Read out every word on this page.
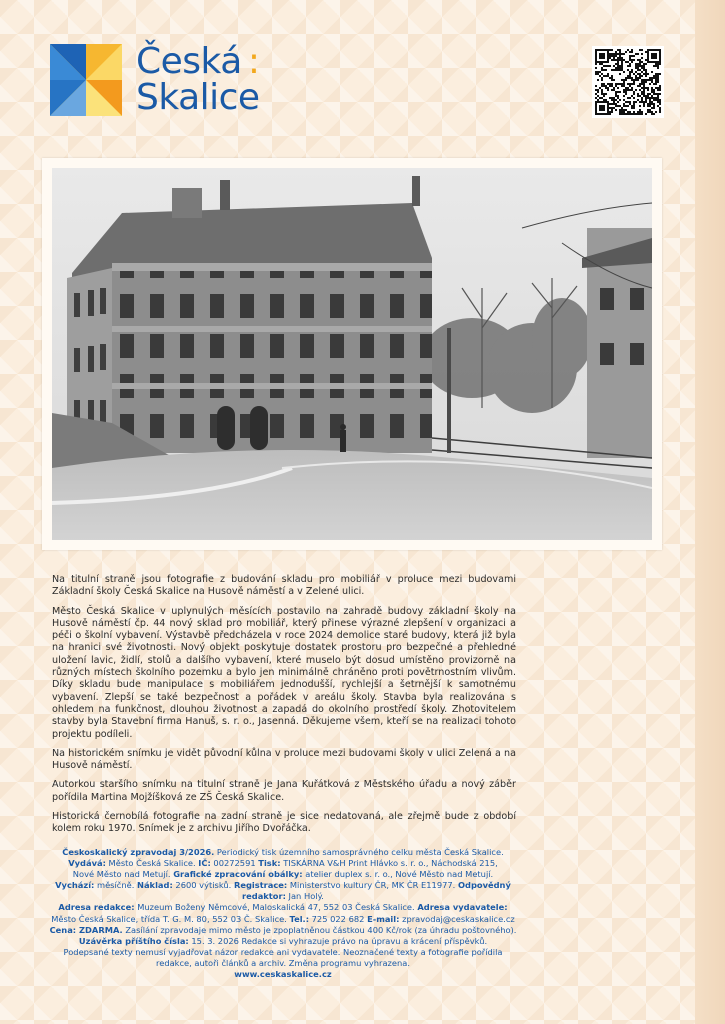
Česká :
Skalice

Na titulní straně jsou fotografie z budování skladu pro mobiliář v proluce mezi budovami Základní školy Česká Skalice na Husově náměstí a v Zelené ulici.

Město Česká Skalice v uplynulých měsících postavilo na zahradě budovy základní školy na Husově náměstí čp. 44 nový sklad pro mobiliář, který přinese výrazné zlepšení v organizaci a péči o školní vybavení. Výstavbě předcházela v roce 2024 demolice staré budovy, která již byla na hranici své životnosti. Nový objekt poskytuje dostatek prostoru pro bezpečné a přehledné uložení lavic, židlí, stolů a dalšího vybavení, které muselo být dosud umístěno provizorně na různých místech školního pozemku a bylo jen minimálně chráněno proti povětrnostním vlivům. Díky skladu bude manipulace s mobiliářem jednodušší, rychlejší a šetrnější k samotnému vybavení. Zlepší se také bezpečnost a pořádek v areálu školy. Stavba byla realizována s ohledem na funkčnost, dlouhou životnost a zapadá do okolního prostředí školy. Zhotovitelem stavby byla Stavební firma Hanuš, s. r. o., Jasenná. Děkujeme všem, kteří se na realizaci tohoto projektu podíleli.

Na historickém snímku je vidět původní kůlna v proluce mezi budovami školy v ulici Zelená a na Husově náměstí.

Autorkou staršího snímku na titulní straně je Jana Kuřátková z Městského úřadu a nový záběr pořídila Martina Mojžíšková ze ZŠ Česká Skalice.

Historická černobílá fotografie na zadní straně je sice nedatovaná, ale zřejmě bude z období kolem roku 1970. Snímek je z archivu Jiřího Dvořáčka.

Českoskalický zpravodaj 3/2026. Periodický tisk územního samosprávného celku města Česká Skalice.
Vydává: Město Česká Skalice. IČ: 00272591 Tisk: TISKÁRNA V&H Print Hlávko s. r. o., Náchodská 215,
Nové Město nad Metují. Grafické zpracování obálky: atelier duplex s. r. o., Nové Město nad Metují.
Vychází: měsíčně. Náklad: 2600 výtisků. Registrace: Ministerstvo kultury ČR, MK ČR E11977. Odpovědný
redaktor: Jan Holý.
Adresa redakce: Muzeum Boženy Němcové, Maloskalická 47, 552 03 Česká Skalice. Adresa vydavatele:
Město Česká Skalice, třída T. G. M. 80, 552 03 Č. Skalice. Tel.: 725 022 682 E-mail: zpravodaj@ceskaskalice.cz
Cena: ZDARMA. Zasílání zpravodaje mimo město je zpoplatněnou částkou 400 Kč/rok (za úhradu poštovného). Uzávěrka příštího čísla: 15. 3. 2026 Redakce si vyhrazuje právo na úpravu a krácení příspěvků.
Podepsané texty nemusí vyjadřovat názor redakce ani vydavatele. Neoznačené texty a fotografie pořídila redakce, autoři článků a archiv. Změna programu vyhrazena.
www.ceskaskalice.cz
